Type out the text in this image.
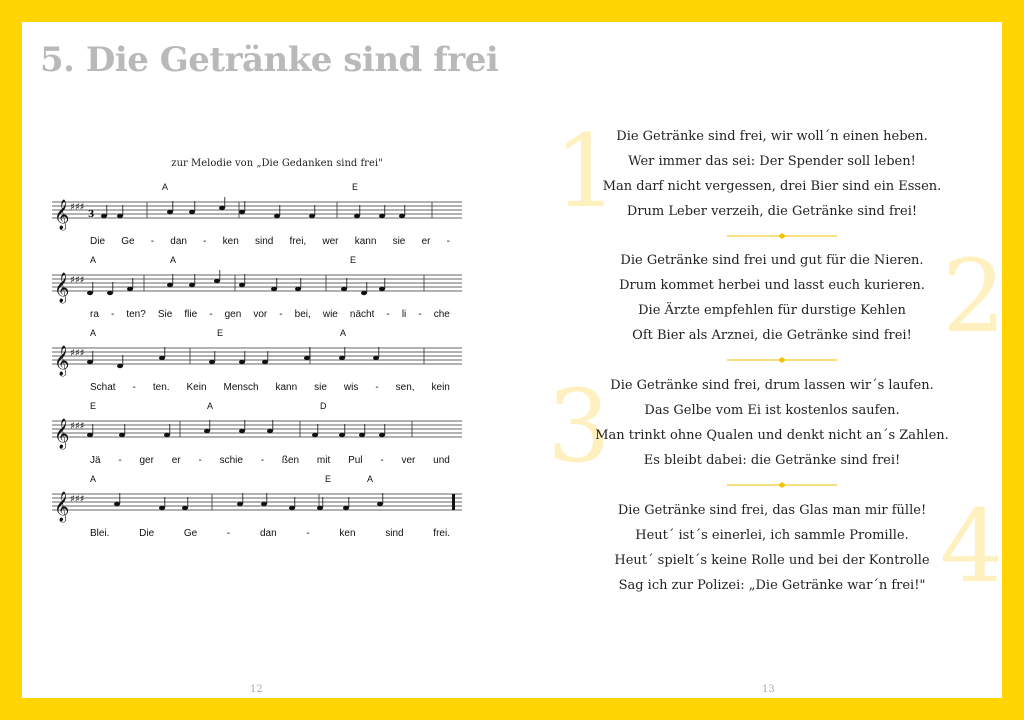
5. Die Getränke sind frei
zur Melodie von „Die Gedanken sind frei"
A	E
𝄞 ♯♯♯
3
Die Ge - dan - ken sind frei, wer kann sie er -
A	A	E
𝄞 ♯♯♯
ra - ten? Sie flie - gen vor - bei, wie nächt - li - che
A	E	A
𝄞 ♯♯♯
Schat - ten. Kein Mensch kann sie wis - sen, kein
E	A	D
𝄞 ♯♯♯
Jä - ger er - schie - ßen mit Pul - ver und
A	E	A
𝄞 ♯♯♯
Blei.	Die	Ge	-	dan	-	ken	sind	frei.
1

Die Getränke sind frei, wir woll´n einen heben.

Wer immer das sei: Der Spender soll leben!

Man darf nicht vergessen, drei Bier sind ein Essen.

Drum Leber verzeih, die Getränke sind frei!

2

Die Getränke sind frei und gut für die Nieren.

Drum kommet herbei und lasst euch kurieren.

Die Ärzte empfehlen für durstige Kehlen

Oft Bier als Arznei, die Getränke sind frei!

3 Die Getränke sind frei, drum lassen wir´s laufen.

Das Gelbe vom Ei ist kostenlos saufen.

Man trinkt ohne Qualen und denkt nicht an´s Zahlen.

Es bleibt dabei: die Getränke sind frei!

4

Die Getränke sind frei, das Glas man mir fülle!

Heut´ ist´s einerlei, ich sammle Promille.

Heut´ spielt´s keine Rolle und bei der Kontrolle

Sag ich zur Polizei: „Die Getränke war´n frei!"

12	13
